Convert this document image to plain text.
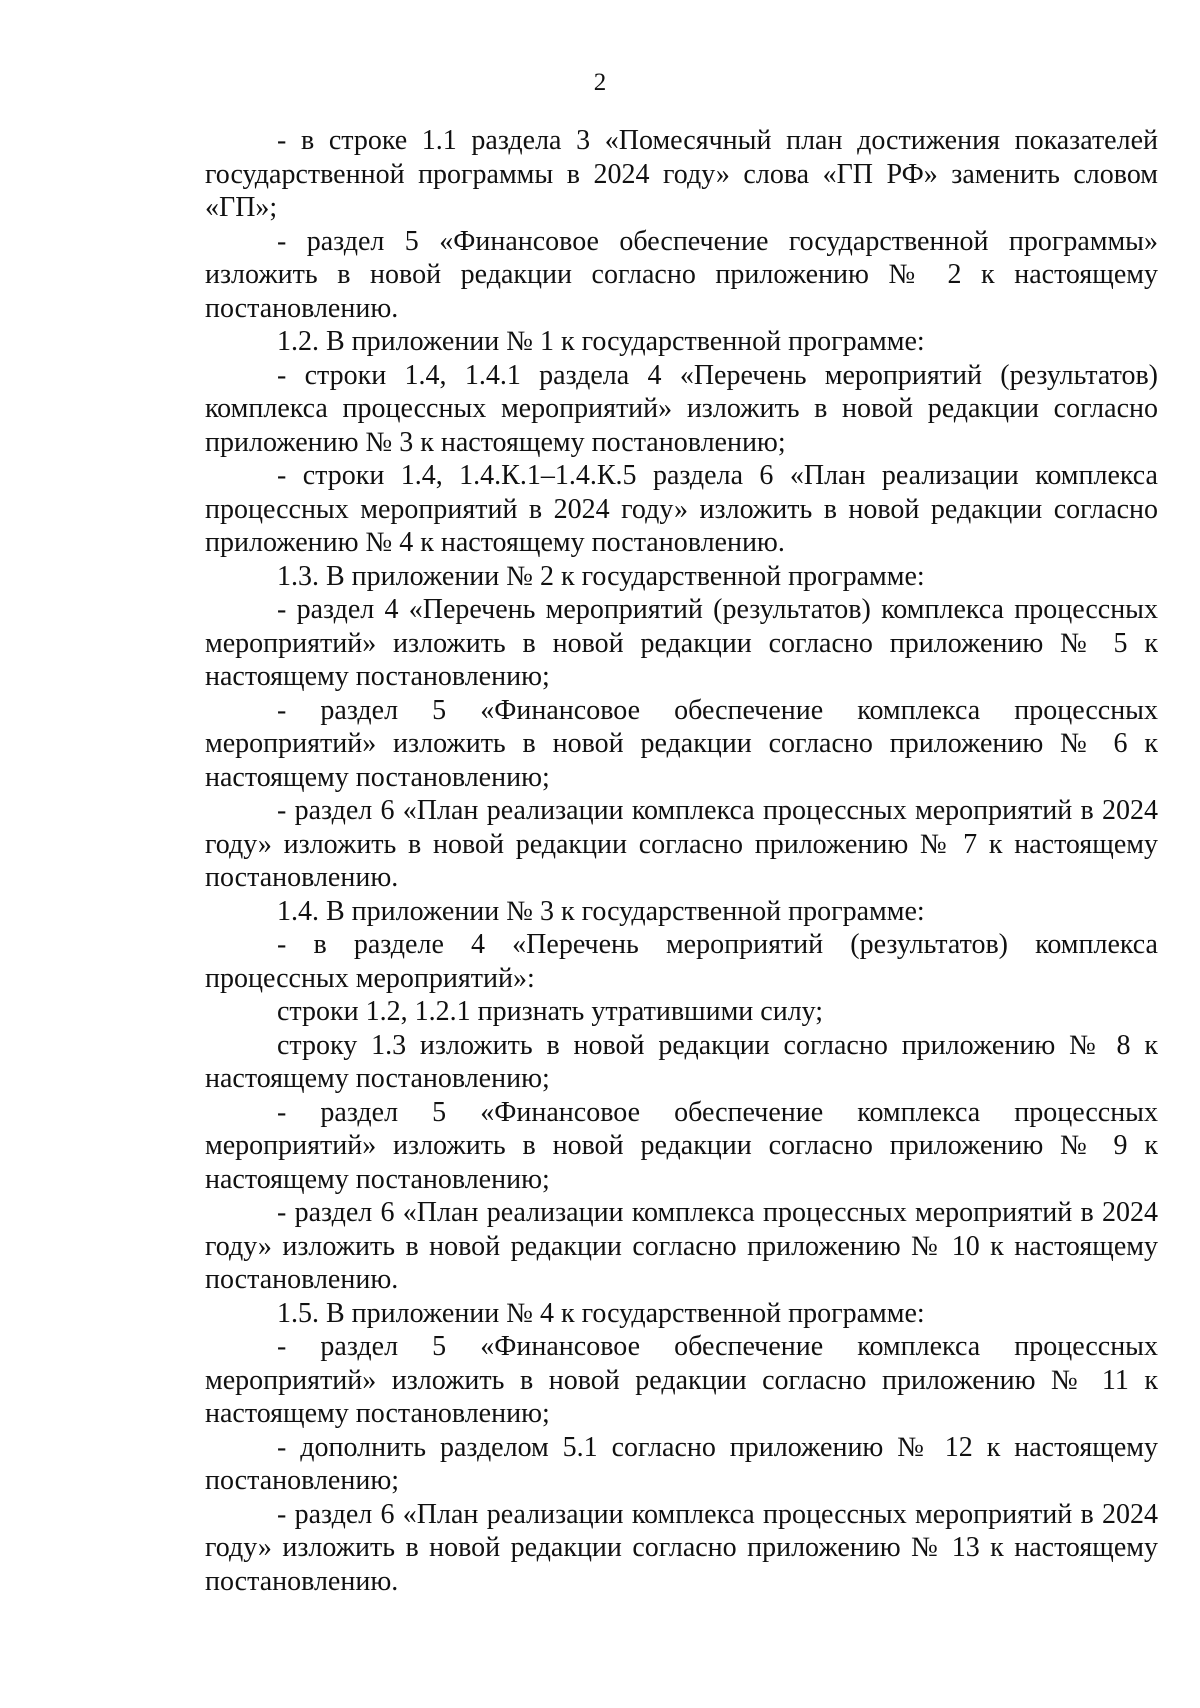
2

- в строке 1.1 раздела 3 «Помесячный план достижения показателей государственной программы в 2024 году» слова «ГП РФ» заменить словом «ГП»;

- раздел 5 «Финансовое обеспечение государственной программы» изложить в новой редакции согласно приложению № 2 к настоящему постановлению.

1.2. В приложении № 1 к государственной программе:

- строки 1.4, 1.4.1 раздела 4 «Перечень мероприятий (результатов) комплекса процессных мероприятий» изложить в новой редакции согласно приложению № 3 к настоящему постановлению;

- строки 1.4, 1.4.К.1–1.4.К.5 раздела 6 «План реализации комплекса процессных мероприятий в 2024 году» изложить в новой редакции согласно приложению № 4 к настоящему постановлению.

1.3. В приложении № 2 к государственной программе:

- раздел 4 «Перечень мероприятий (результатов) комплекса процессных мероприятий» изложить в новой редакции согласно приложению № 5 к настоящему постановлению;

- раздел 5 «Финансовое обеспечение комплекса процессных мероприятий» изложить в новой редакции согласно приложению № 6 к настоящему постановлению;

- раздел 6 «План реализации комплекса процессных мероприятий в 2024 году» изложить в новой редакции согласно приложению № 7 к настоящему постановлению.

1.4. В приложении № 3 к государственной программе:

- в разделе 4 «Перечень мероприятий (результатов) комплекса процессных мероприятий»:

строки 1.2, 1.2.1 признать утратившими силу;

строку 1.3 изложить в новой редакции согласно приложению № 8 к настоящему постановлению;

- раздел 5 «Финансовое обеспечение комплекса процессных мероприятий» изложить в новой редакции согласно приложению № 9 к настоящему постановлению;

- раздел 6 «План реализации комплекса процессных мероприятий в 2024 году» изложить в новой редакции согласно приложению № 10 к настоящему постановлению.

1.5. В приложении № 4 к государственной программе:

- раздел 5 «Финансовое обеспечение комплекса процессных мероприятий» изложить в новой редакции согласно приложению № 11 к настоящему постановлению;

- дополнить разделом 5.1 согласно приложению № 12 к настоящему постановлению;

- раздел 6 «План реализации комплекса процессных мероприятий в 2024 году» изложить в новой редакции согласно приложению № 13 к настоящему постановлению.
